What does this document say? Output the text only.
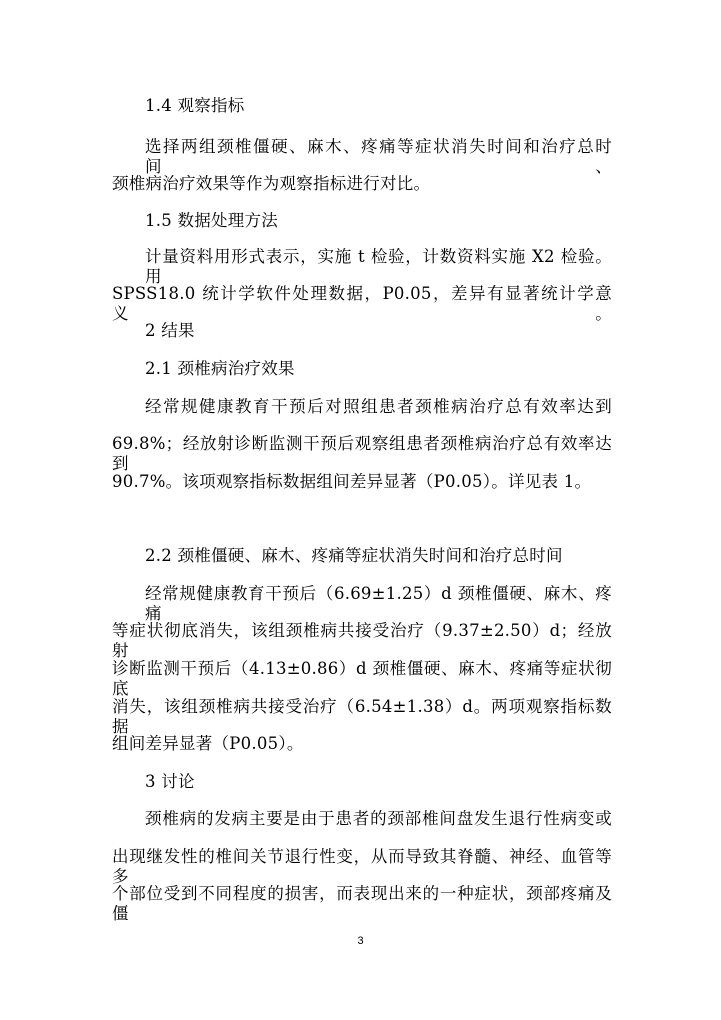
1.4 观察指标
选择两组颈椎僵硬、麻木、疼痛等症状消失时间和治疗总时间、
颈椎病治疗效果等作为观察指标进行对比。
1.5 数据处理方法
计量资料用形式表示，实施 t 检验，计数资料实施 X2 检验。用
SPSS18.0 统计学软件处理数据，P0.05，差异有显著统计学意义。
2 结果
2.1 颈椎病治疗效果
经常规健康教育干预后对照组患者颈椎病治疗总有效率达到
69.8%；经放射诊断监测干预后观察组患者颈椎病治疗总有效率达到
90.7%。该项观察指标数据组间差异显著（P0.05）。详见表 1。
2.2 颈椎僵硬、麻木、疼痛等症状消失时间和治疗总时间
经常规健康教育干预后（6.69±1.25）d 颈椎僵硬、麻木、疼痛
等症状彻底消失，该组颈椎病共接受治疗（9.37±2.50）d；经放射
诊断监测干预后（4.13±0.86）d 颈椎僵硬、麻木、疼痛等症状彻底
消失，该组颈椎病共接受治疗（6.54±1.38）d。两项观察指标数据
组间差异显著（P0.05）。
3 讨论
颈椎病的发病主要是由于患者的颈部椎间盘发生退行性病变或
出现继发性的椎间关节退行性变，从而导致其脊髓、神经、血管等多
个部位受到不同程度的损害，而表现出来的一种症状，颈部疼痛及僵
3
